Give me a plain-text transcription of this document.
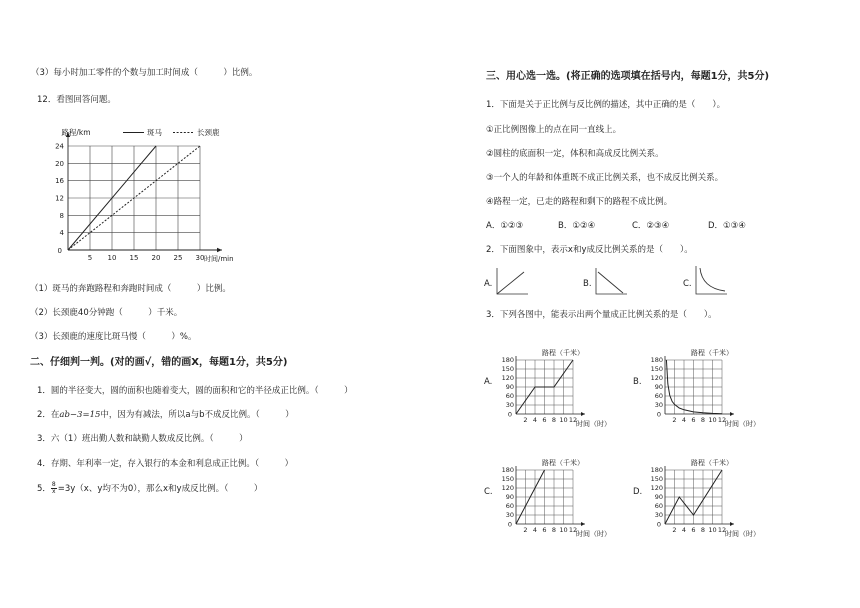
（3）每小时加工零件的个数与加工时间成（　　　）比例。
12．看图回答问题。
5 10 15 20 25 30
4
8
12
16
20
24
0
时间/min
路程/km	斑马	长颈鹿
（1）斑马的奔跑路程和奔跑时间成（　　　）比例。
（2）长颈鹿40分钟跑（　　　）千米。
（3）长颈鹿的速度比斑马慢（　　　）%。
二、仔细判一判。(对的画√，错的画X，每题1分，共5分)
1．圆的半径变大，圆的面积也随着变大，圆的面积和它的半径成正比例。（　　　）
2．在ab−3=15中，因为有减法，所以a与b不成反比例。（　　　）
3．六（1）班出勤人数和缺勤人数成反比例。（　　　）
4．存期、年利率一定，存入银行的本金和利息成正比例。（　　　）
5． $\frac{8}{x} =3y(x$、y均不为0），那么x和y成反比例。（　　　）
三、用心选一选。(将正确的选项填在括号内，每题1分，共5分)
1．下面是关于正比例与反比例的描述，其中正确的是（　　）。
①正比例图像上的点在同一直线上。
②圆柱的底面积一定，体积和高成反比例关系。
③一个人的年龄和体重既不成正比例关系，也不成反比例关系。
④路程一定，已走的路程和剩下的路程不成比例。
A．①②③	B．①②④	C．②③④	D．①③④
2．下面图象中，表示x和y成反比例关系的是（　　）。
A.	B.	C.
3．下列各图中，能表示出两个量成正比例关系的是（　　）。
A.
2 4 6 8 10 12
30
60
90
120
150
180
0
路程（千米）
时间（时）
B.
2 4 6 8 10 12
30
60
90
120
150
180
0
路程（千米）
时间（时）
C.
2 4 6 8 10 12
30
60
90
120
150
180
0
路程（千米）
时间（时）
D.
2 4 6 8 10 12
30
60
90
120
150
180
0
路程（千米）
时间（时）
